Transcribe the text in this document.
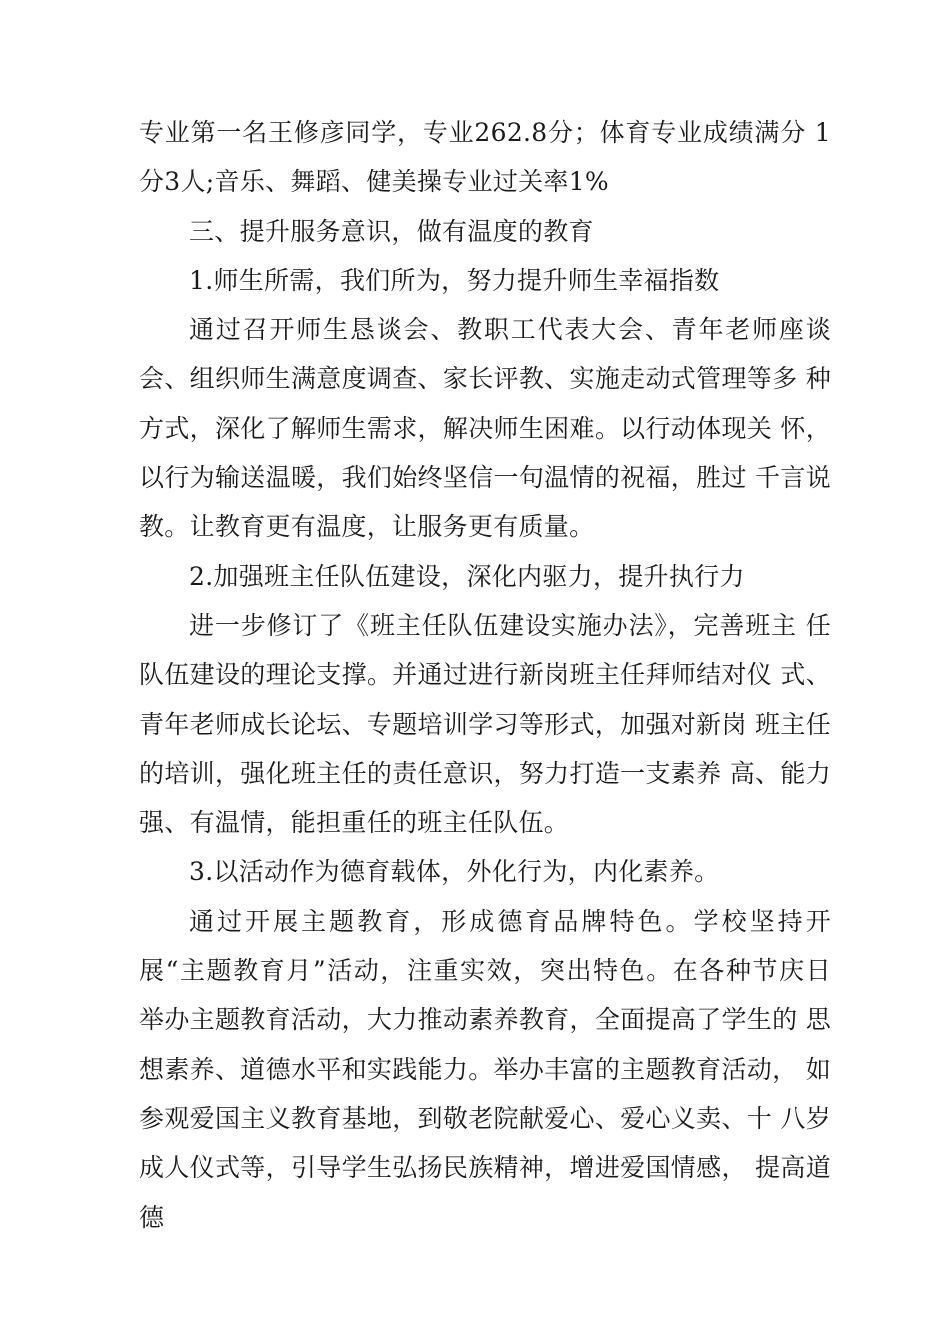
专业第一名王修彦同学，专业262.8分；体育专业成绩满分 1分3人;音乐、舞蹈、健美操专业过关率1%

三、提升服务意识，做有温度的教育

1.师生所需，我们所为，努力提升师生幸福指数

通过召开师生恳谈会、教职工代表大会、青年老师座谈会、组织师生满意度调查、家长评教、实施走动式管理等多 种方式，深化了解师生需求，解决师生困难。以行动体现关 怀，以行为输送温暖，我们始终坚信一句温情的祝福，胜过 千言说教。让教育更有温度，让服务更有质量。

2.加强班主任队伍建设，深化内驱力，提升执行力

进一步修订了《班主任队伍建设实施办法》，完善班主 任队伍建设的理论支撑。并通过进行新岗班主任拜师结对仪 式、青年老师成长论坛、专题培训学习等形式，加强对新岗 班主任的培训，强化班主任的责任意识，努力打造一支素养 高、能力强、有温情，能担重任的班主任队伍。

3.以活动作为德育载体，外化行为，内化素养。

通过开展主题教育，形成德育品牌特色。学校坚持开展“主题教育月”活动，注重实效，突出特色。在各种节庆日 举办主题教育活动，大力推动素养教育，全面提高了学生的 思想素养、道德水平和实践能力。举办丰富的主题教育活动， 如参观爱国主义教育基地，到敬老院献爱心、爱心义卖、十 八岁成人仪式等，引导学生弘扬民族精神，增进爱国情感， 提高道德
